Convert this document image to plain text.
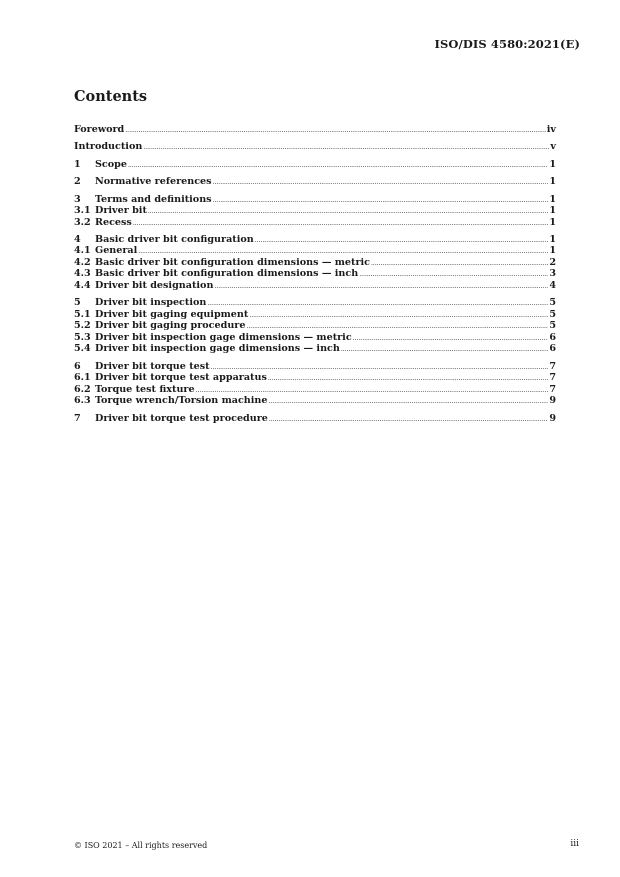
ISO/DIS 4580:2021(E)
Contents
Foreword .....	iv
Introduction .....	v
1	Scope .....	1
2	Normative references .....	1
3	Terms and definitions .....	1
3.1 Driver bit .....	1
3.2 Recess .....	1
4	Basic driver bit configuration .....	1
4.1 General .....	1
4.2 Basic driver bit configuration dimensions — metric .....	2
4.3 Basic driver bit configuration dimensions — inch .....	3
4.4 Driver bit designation .....	4
5	Driver bit inspection .....	5
5.1 Driver bit gaging equipment .....	5
5.2 Driver bit gaging procedure .....	5
5.3 Driver bit inspection gage dimensions — metric .....	6
5.4 Driver bit inspection gage dimensions — inch .....	6
6	Driver bit torque test .....	7
6.1 Driver bit torque test apparatus .....	7
6.2 Torque test fixture .....	7
6.3 Torque wrench/Torsion machine .....	9
7	Driver bit torque test procedure .....	9
© ISO 2021 – All rights reserved	iii
